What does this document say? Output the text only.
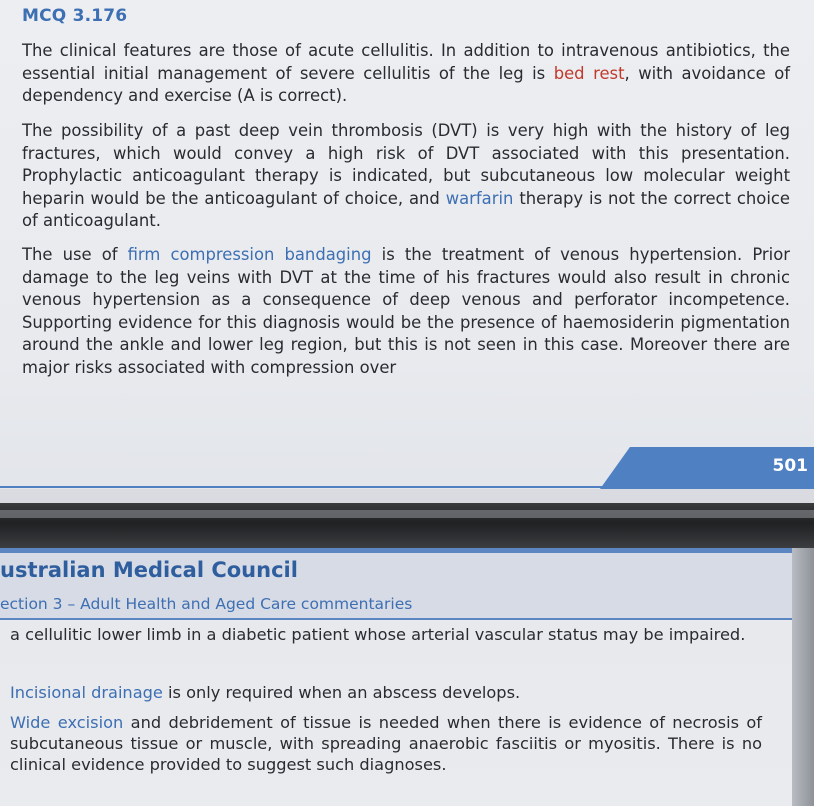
MCQ 3.176

The clinical features are those of acute cellulitis. In addition to intravenous antibiotics, the essential initial management of severe cellulitis of the leg is bed rest, with avoidance of dependency and exercise (A is correct).

The possibility of a past deep vein thrombosis (DVT) is very high with the history of leg fractures, which would convey a high risk of DVT associated with this presentation. Prophylactic anticoagulant therapy is indicated, but subcutaneous low molecular weight heparin would be the anticoagulant of choice, and warfarin therapy is not the correct choice of anticoagulant.

The use of firm compression bandaging is the treatment of venous hypertension. Prior damage to the leg veins with DVT at the time of his fractures would also result in chronic venous hypertension as a consequence of deep venous and perforator incompetence. Supporting evidence for this diagnosis would be the presence of haemosiderin pigmentation around the ankle and lower leg region, but this is not seen in this case. Moreover there are major risks associated with compression over

501
ustralian Medical Council
ection 3 – Adult Health and Aged Care commentaries

a cellulitic lower limb in a diabetic patient whose arterial vascular status may be impaired.

Incisional drainage is only required when an abscess develops.

Wide excision and debridement of tissue is needed when there is evidence of necrosis of subcutaneous tissue or muscle, with spreading anaerobic fasciitis or myositis. There is no clinical evidence provided to suggest such diagnoses.
